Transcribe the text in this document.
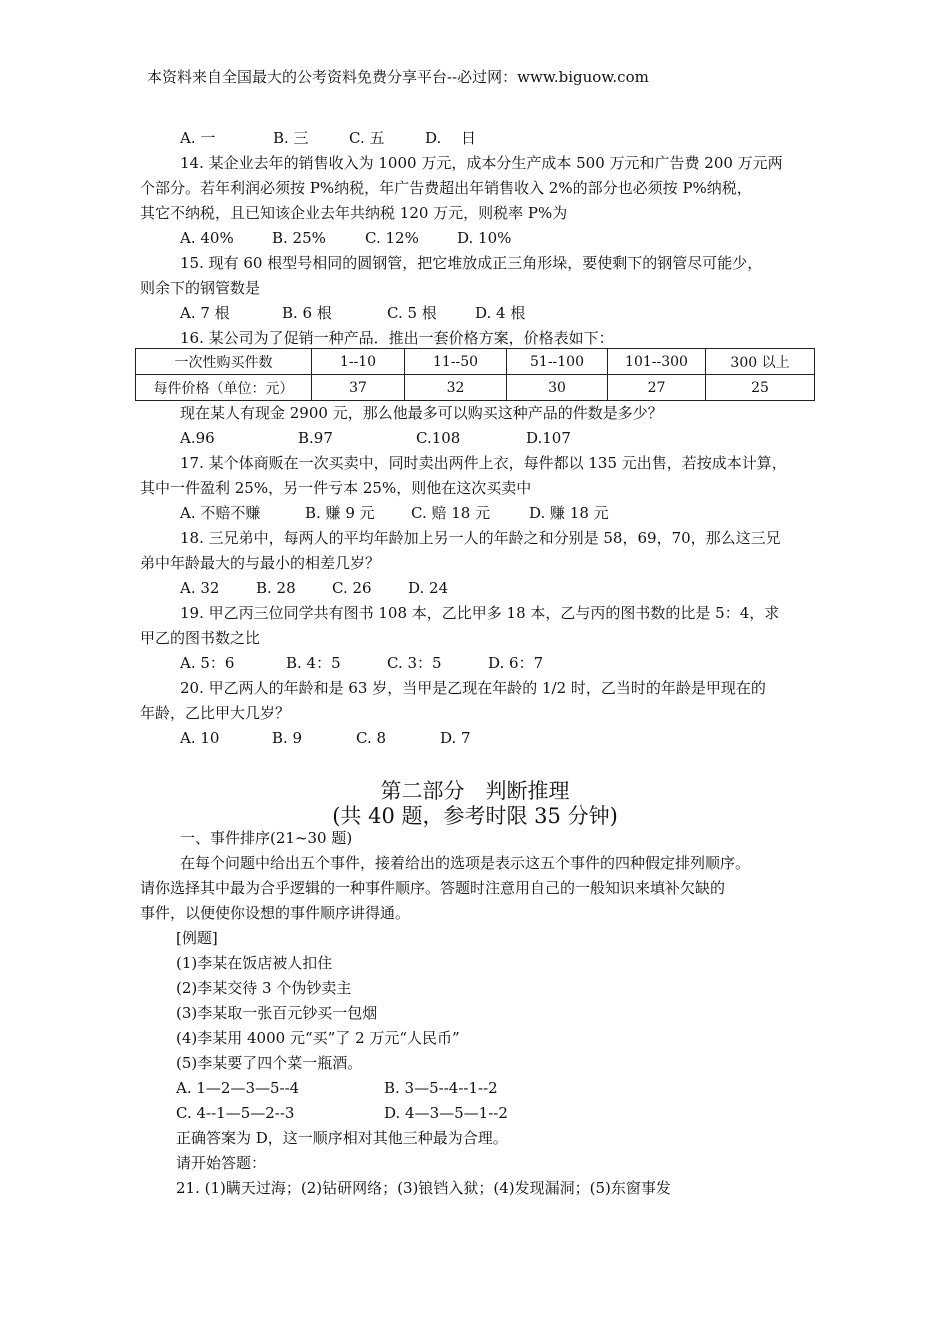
本资料来自全国最大的公考资料免费分享平台--必过网：www.biguow.com
A. 一	B. 三	C. 五	D.　 日
14. 某企业去年的销售收入为 1000 万元，成本分生产成本 500 万元和广告费 200 万元两
个部分。若年利润必须按 P%纳税，年广告费超出年销售收入 2%的部分也必须按 P%纳税，
其它不纳税，且已知该企业去年共纳税 120 万元，则税率 P%为
A. 40%	B. 25%	C. 12%	D. 10%
15. 现有 60 根型号相同的圆钢管，把它堆放成正三角形垛，要使剩下的钢管尽可能少，
则余下的钢管数是
A. 7 根	B. 6 根	C. 5 根	D. 4 根
16. 某公司为了促销一种产品．推出一套价格方案，价格表如下：
一次性购买件数	1--10	11--50	51--100	101--300	300 以上
每件价格（单位：元）	37	32	30	27	25
现在某人有现金 2900 元，那么他最多可以购买这种产品的件数是多少？
A.96	B.97	C.108	D.107
17. 某个体商贩在一次买卖中，同时卖出两件上衣，每件都以 135 元出售，若按成本计算，
其中一件盈利 25%，另一件亏本 25%，则他在这次买卖中
A. 不赔不赚	B. 赚 9 元	C. 赔 18 元	D. 赚 18 元
18. 三兄弟中，每两人的平均年龄加上另一人的年龄之和分别是 58，69，70，那么这三兄
弟中年龄最大的与最小的相差几岁？
A. 32	B. 28	C. 26	D. 24
19. 甲乙丙三位同学共有图书 108 本，乙比甲多 18 本，乙与丙的图书数的比是 5：4，求
甲乙的图书数之比
A. 5：6	B. 4：5	C. 3：5	D. 6：7
20. 甲乙两人的年龄和是 63 岁，当甲是乙现在年龄的 1/2 时，乙当时的年龄是甲现在的
年龄，乙比甲大几岁？
A. 10	B. 9	C. 8	D. 7
第二部分　判断推理
(共 40 题，参考时限 35 分钟)
一、事件排序(21~30 题)
在每个问题中给出五个事件，接着给出的选项是表示这五个事件的四种假定排列顺序。
请你选择其中最为合乎逻辑的一种事件顺序。答题时注意用自己的一般知识来填补欠缺的
事件，以便使你设想的事件顺序讲得通。
[例题]
(1)李某在饭店被人扣住
(2)李某交待 3 个伪钞卖主
(3)李某取一张百元钞买一包烟
(4)李某用 4000 元“买”了 2 万元“人民币”
(5)李某要了四个菜一瓶酒。
A. 1—2—3—5--4	B. 3—5--4--1--2
C. 4--1—5—2--3	D. 4—3—5—1--2
正确答案为 D，这一顺序相对其他三种最为合理。
请开始答题：
21. (1)瞒天过海；(2)钻研网络；(3)锒铛入狱；(4)发现漏洞；(5)东窗事发
